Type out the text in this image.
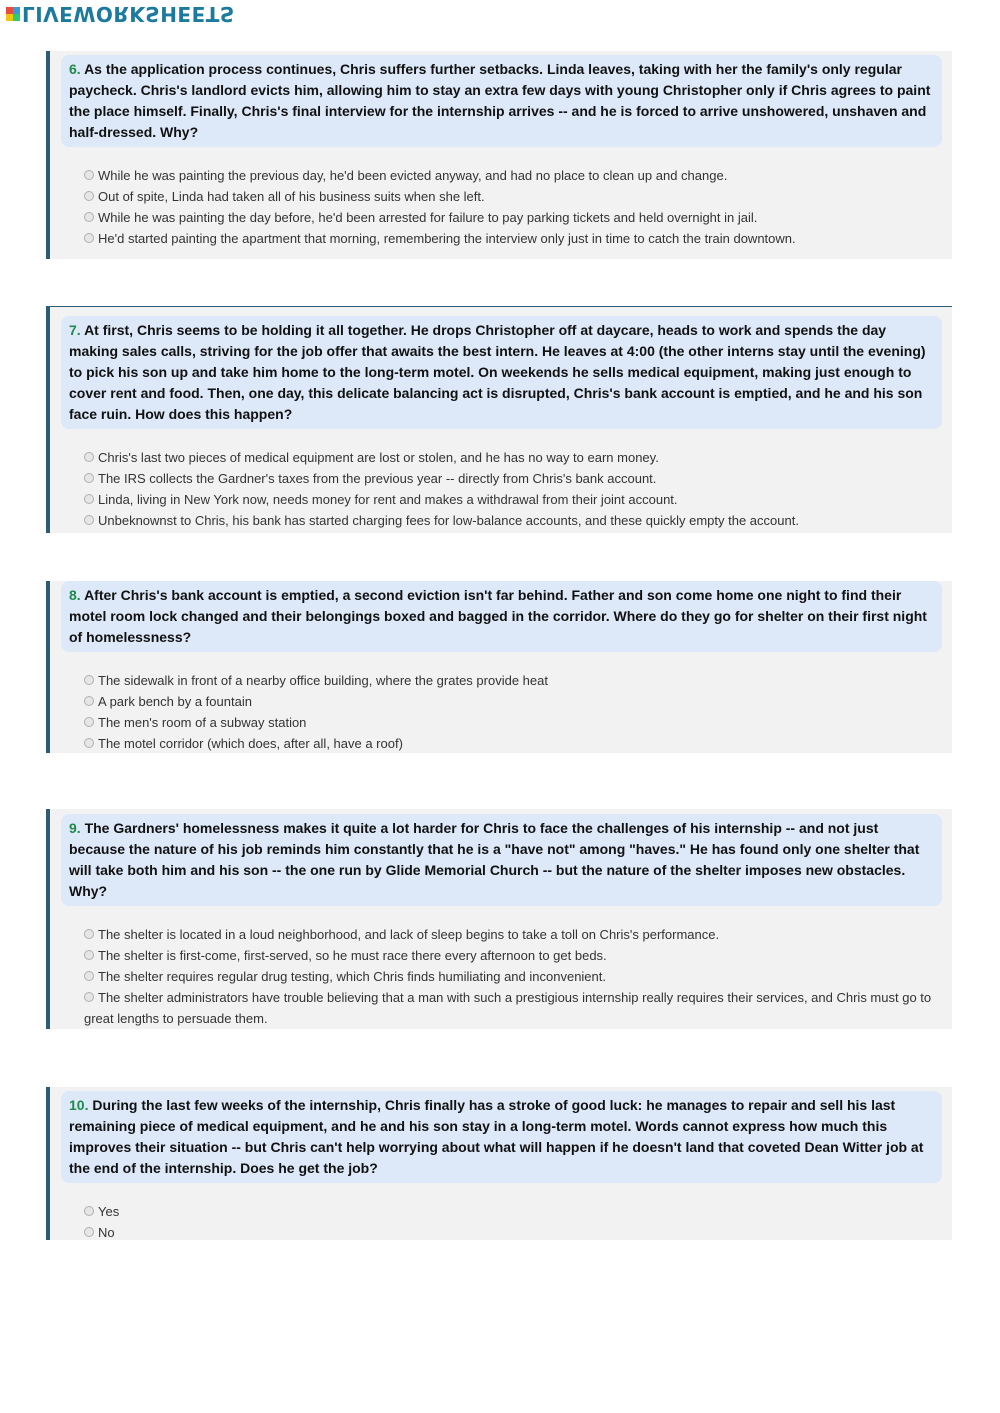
LIVEWORKSHEETS
6. As the application process continues, Chris suffers further setbacks. Linda leaves, taking with her the family's only regular paycheck. Chris's landlord evicts him, allowing him to stay an extra few days with young Christopher only if Chris agrees to paint the place himself. Finally, Chris's final interview for the internship arrives -- and he is forced to arrive unshowered, unshaven and half-dressed. Why?
While he was painting the previous day, he'd been evicted anyway, and had no place to clean up and change.
Out of spite, Linda had taken all of his business suits when she left.
While he was painting the day before, he'd been arrested for failure to pay parking tickets and held overnight in jail.
He'd started painting the apartment that morning, remembering the interview only just in time to catch the train downtown.
7. At first, Chris seems to be holding it all together. He drops Christopher off at daycare, heads to work and spends the day making sales calls, striving for the job offer that awaits the best intern. He leaves at 4:00 (the other interns stay until the evening) to pick his son up and take him home to the long-term motel. On weekends he sells medical equipment, making just enough to cover rent and food. Then, one day, this delicate balancing act is disrupted, Chris's bank account is emptied, and he and his son face ruin. How does this happen?
Chris's last two pieces of medical equipment are lost or stolen, and he has no way to earn money.
The IRS collects the Gardner's taxes from the previous year -- directly from Chris's bank account.
Linda, living in New York now, needs money for rent and makes a withdrawal from their joint account.
Unbeknownst to Chris, his bank has started charging fees for low-balance accounts, and these quickly empty the account.
8. After Chris's bank account is emptied, a second eviction isn't far behind. Father and son come home one night to find their motel room lock changed and their belongings boxed and bagged in the corridor. Where do they go for shelter on their first night of homelessness?
The sidewalk in front of a nearby office building, where the grates provide heat
A park bench by a fountain
The men's room of a subway station
The motel corridor (which does, after all, have a roof)
9. The Gardners' homelessness makes it quite a lot harder for Chris to face the challenges of his internship -- and not just because the nature of his job reminds him constantly that he is a "have not" among "haves." He has found only one shelter that will take both him and his son -- the one run by Glide Memorial Church -- but the nature of the shelter imposes new obstacles. Why?
The shelter is located in a loud neighborhood, and lack of sleep begins to take a toll on Chris's performance.
The shelter is first-come, first-served, so he must race there every afternoon to get beds.
The shelter requires regular drug testing, which Chris finds humiliating and inconvenient.
The shelter administrators have trouble believing that a man with such a prestigious internship really requires their services, and Chris must go to great lengths to persuade them.
10. During the last few weeks of the internship, Chris finally has a stroke of good luck: he manages to repair and sell his last remaining piece of medical equipment, and he and his son stay in a long-term motel. Words cannot express how much this improves their situation -- but Chris can't help worrying about what will happen if he doesn't land that coveted Dean Witter job at the end of the internship. Does he get the job?
Yes
No
